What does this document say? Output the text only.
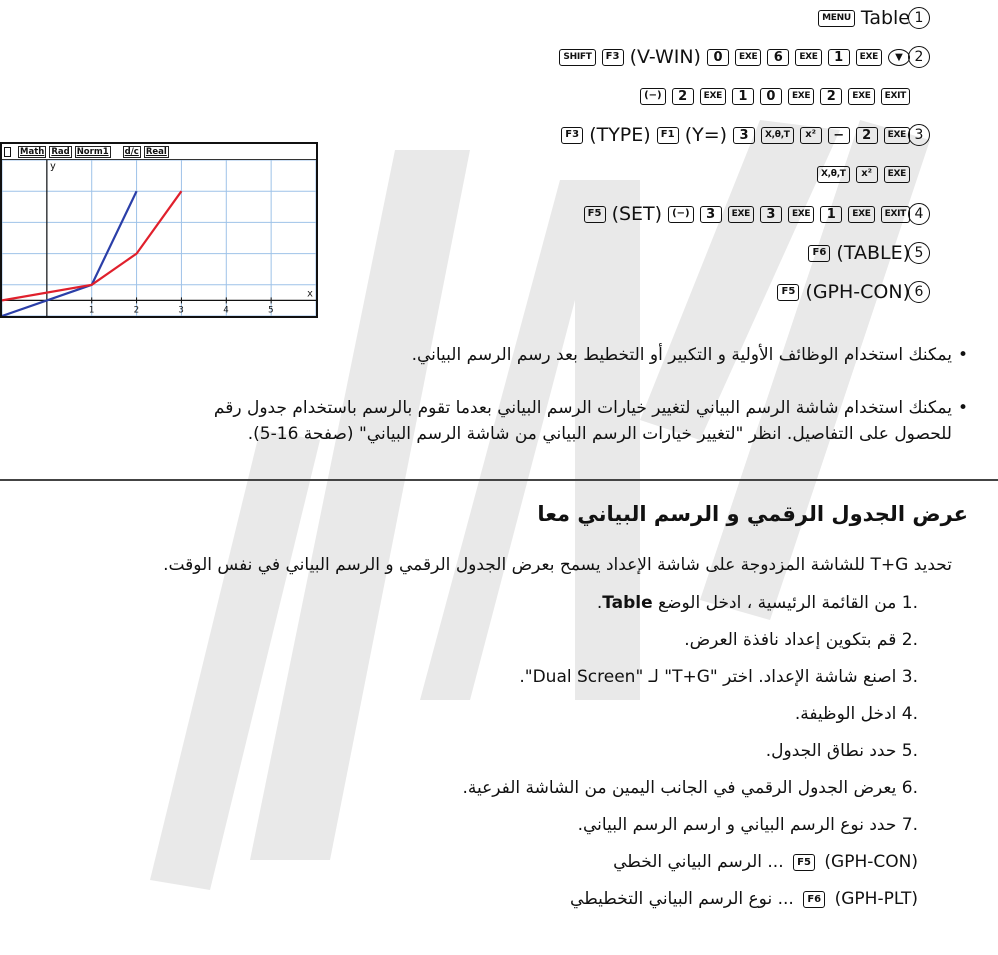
MENU Table 1
SHIFT	F3 (V-WIN) 0	EXE	6	EXE	1	EXE	▼ 2
(−)	2	EXE	1	0	EXE	2	EXE	EXIT
F3 (TYPE)	F1 (Y=) 3	X,θ,T	x²	−	2	EXE 3
X,θ,T	x²	EXE
F5 (SET)	(−)	3	EXE	3	EXE	1	EXE	EXIT 4
F6 (TABLE) 5
F5 (GPH-CON) 6
Math Rad Norm1 d/c Real
1	2	3	4	5
y
x
• يمكنك استخدام الوظائف الأولية و التكبير أو التخطيط بعد رسم الرسم البياني.
• يمكنك استخدام شاشة الرسم البياني لتغيير خيارات الرسم البياني بعدما تقوم بالرسم باستخدام جدول رقم
للحصول على التفاصيل. انظر "لتغيير خيارات الرسم البياني من شاشة الرسم البياني" (صفحة 16-5).
عرض الجدول الرقمي و الرسم البياني معا
تحديد T+G للشاشة المزدوجة على شاشة الإعداد يسمح بعرض الجدول الرقمي و الرسم البياني في نفس الوقت.
1. من القائمة الرئيسية ، ادخل الوضع Table.
2. قم بتكوين إعداد نافذة العرض.
3. اصنع شاشة الإعداد. اختر "T+G" لـ "Dual Screen".
4. ادخل الوظيفة.
5. حدد نطاق الجدول.
6. يعرض الجدول الرقمي في الجانب اليمين من الشاشة الفرعية.
7. حدد نوع الرسم البياني و ارسم الرسم البياني.
(GPH-CON) F5 ... الرسم البياني الخطي
(GPH-PLT) F6 ... نوع الرسم البياني التخطيطي
